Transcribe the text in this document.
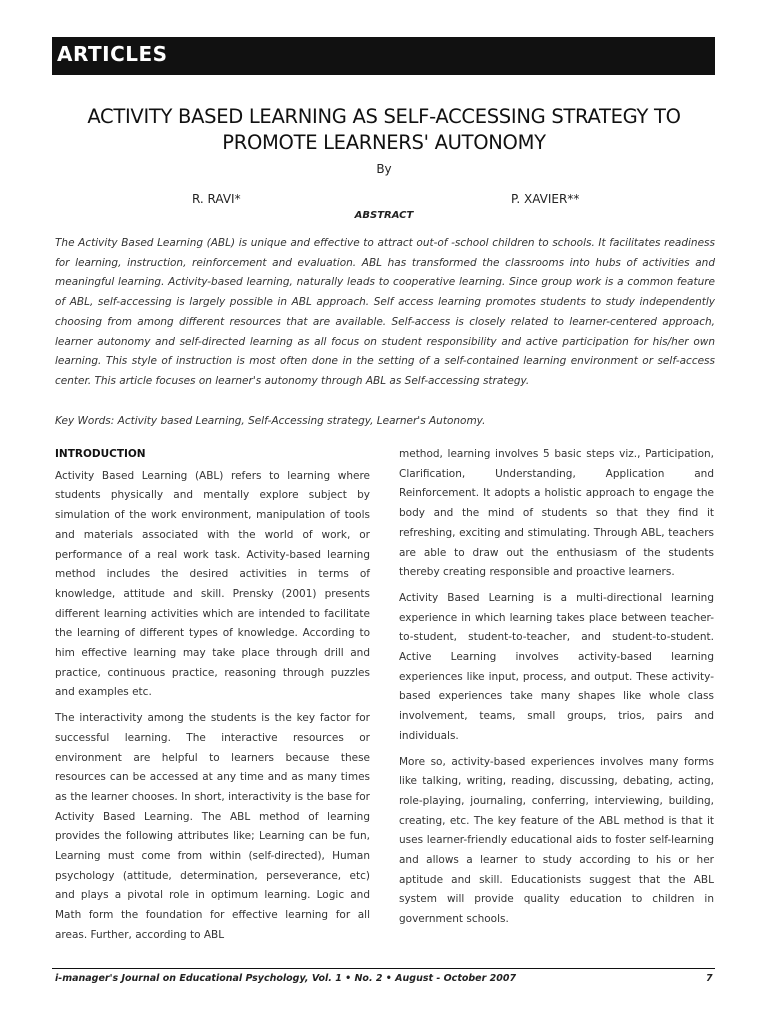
ARTICLES
ACTIVITY BASED LEARNING AS SELF-ACCESSING STRATEGY TO PROMOTE LEARNERS' AUTONOMY
By
R. RAVI*	P. XAVIER**
ABSTRACT

The Activity Based Learning (ABL) is unique and effective to attract out-of -school children to schools. It facilitates readiness for learning, instruction, reinforcement and evaluation. ABL has transformed the classrooms into hubs of activities and meaningful learning. Activity-based learning, naturally leads to cooperative learning. Since group work is a common feature of ABL, self-accessing is largely possible in ABL approach. Self access learning promotes students to study independently choosing from among different resources that are available. Self-access is closely related to learner-centered approach, learner autonomy and self-directed learning as all focus on student responsibility and active participation for his/her own learning. This style of instruction is most often done in the setting of a self-contained learning environment or self-access center. This article focuses on learner's autonomy through ABL as Self-accessing strategy.

Key Words: Activity based Learning, Self-Accessing strategy, Learner's Autonomy.

INTRODUCTION

Activity Based Learning (ABL) refers to learning where students physically and mentally explore subject by simulation of the work environment, manipulation of tools and materials associated with the world of work, or performance of a real work task. Activity-based learning method includes the desired activities in terms of knowledge, attitude and skill. Prensky (2001) presents different learning activities which are intended to facilitate the learning of different types of knowledge. According to him effective learning may take place through drill and practice, continuous practice, reasoning through puzzles and examples etc.

The interactivity among the students is the key factor for successful learning. The interactive resources or environment are helpful to learners because these resources can be accessed at any time and as many times as the learner chooses. In short, interactivity is the base for Activity Based Learning. The ABL method of learning provides the following attributes like; Learning can be fun, Learning must come from within (self-directed), Human psychology (attitude, determination, perseverance, etc) and plays a pivotal role in optimum learning. Logic and Math form the foundation for effective learning for all areas. Further, according to ABL

method, learning involves 5 basic steps viz., Participation, Clarification, Understanding, Application and Reinforcement. It adopts a holistic approach to engage the body and the mind of students so that they find it refreshing, exciting and stimulating. Through ABL, teachers are able to draw out the enthusiasm of the students thereby creating responsible and proactive learners.

Activity Based Learning is a multi-directional learning experience in which learning takes place between teacher-to-student, student-to-teacher, and student-to-student. Active Learning involves activity-based learning experiences like input, process, and output. These activity-based experiences take many shapes like whole class involvement, teams, small groups, trios, pairs and individuals.

More so, activity-based experiences involves many forms like talking, writing, reading, discussing, debating, acting, role-playing, journaling, conferring, interviewing, building, creating, etc. The key feature of the ABL method is that it uses learner-friendly educational aids to foster self-learning and allows a learner to study according to his or her aptitude and skill. Educationists suggest that the ABL system will provide quality education to children in government schools.

i-manager's Journal on Educational Psychology, Vol. 1 • No. 2 • August - October 2007	7
